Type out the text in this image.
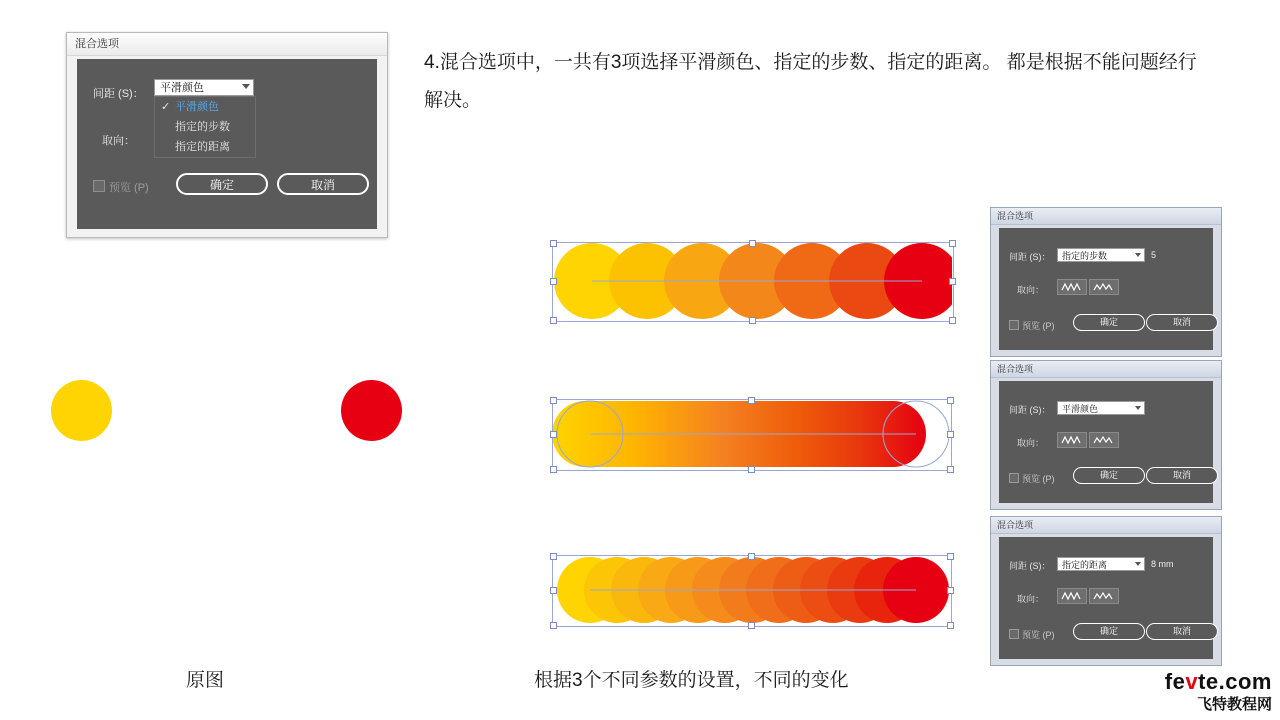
混合选项
间距 (S)：	平滑颜色
✓ 平滑颜色
指定的步数
指定的距离
取向：
预览 (P)	确定	取消
4.混合选项中，一共有3项选择平滑颜色、指定的步数、指定的距离。 都是根据不能问题经行解决。
混合选项
间距 (S)：	指定的步数	5
取向：
预览 (P)	确定	取消
混合选项
间距 (S)：	平滑颜色
取向：
预览 (P)	确定	取消
混合选项
间距 (S)：	指定的距离	8 mm
取向：
预览 (P)	确定	取消
原图	根据3个不同参数的设置，不同的变化	fevte.com
飞特教程网
